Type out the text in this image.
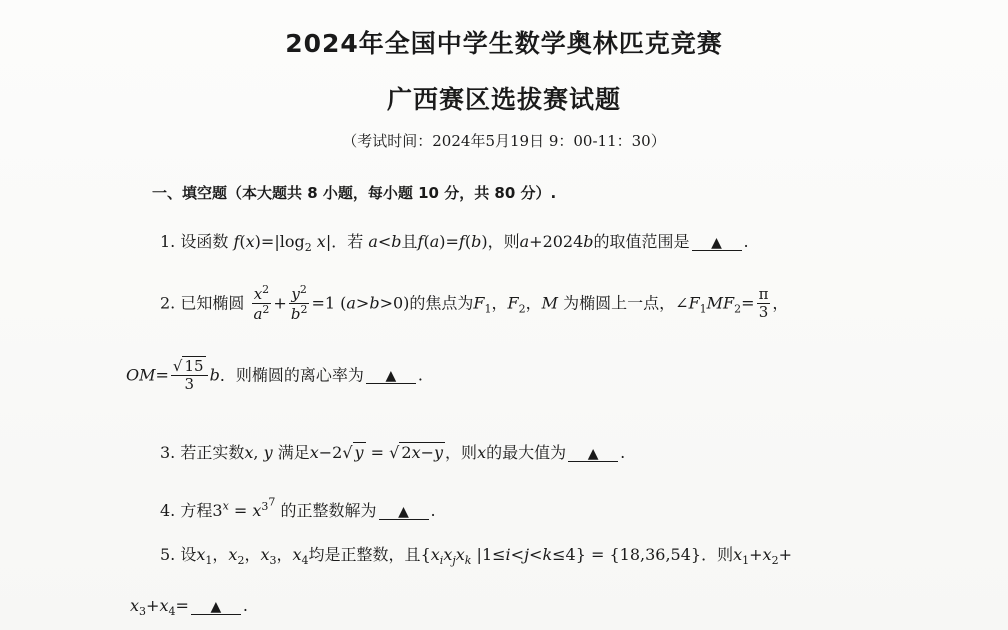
2024年全国中学生数学奥林匹克竞赛
广西赛区选拔赛试题
（考试时间：2024年5月19日 9：00-11：30）
一、填空题（本大题共 8 小题，每小题 10 分，共 80 分）.
1. 设函数 $f(x)=|\log_2$ x|．若 a<b且f(a)=f(b)，则a+2024b的取值范围是 ▲ .
2. 已知椭圆 $\frac{x^2}{a^2} + \frac{y^2}{b^2} =1$ (a>b>0)的焦点为$F_1$，$F_2$，M 为椭圆上一点，$\angle F_1MF_2= \frac{\pi}{3}$ ，
$OM= \frac{√ 15}{3}$ b．则椭圆的离心率为 ▲ .
3. 若正实数x, y 满足x−2√ y = √ 2x−y ，则x的最大值为 ▲ .
4. 方程$3^x = x^{3^7}$ 的正整数解为 ▲ .
5. 设$x_1$，$x_2$，$x_3$，$x_4$均是正整数，且{$x_ix_jx_k$ |1≤i<j<k≤4} = {18,36,54}．则$x_1+x_2+$
$x_3+x_4=$ ▲ .
